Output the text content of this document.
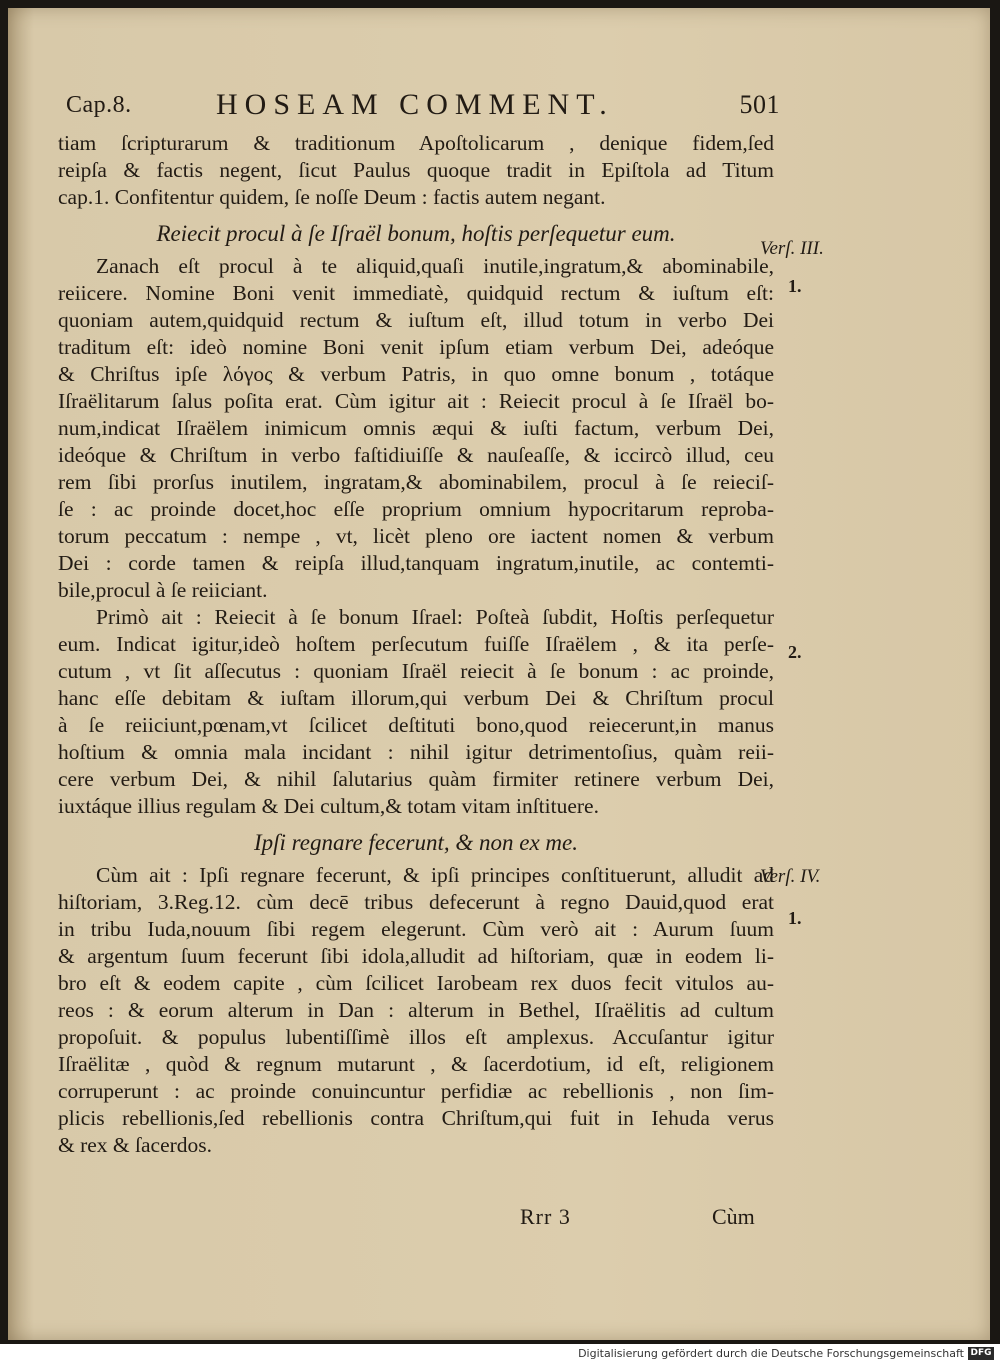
Cap.8.	HOSEAM COMMENT.	501
tiam ſcripturarum & traditionum Apoſtolicarum , denique fidem,ſed
reipſa & factis negent, ſicut Paulus quoque tradit in Epiſtola ad Titum
cap.1. Confitentur quidem, ſe noſſe Deum : factis autem negant.
Reiecit procul à ſe Iſraël bonum, hoſtis perſequetur eum.
Zanach eſt procul à te aliquid,quaſi inutile,ingratum,& abominabile,
reiicere. Nomine Boni venit immediatè, quidquid rectum & iuſtum eſt:
quoniam autem,quidquid rectum & iuſtum eſt, illud totum in verbo Dei
traditum eſt: ideò nomine Boni venit ipſum etiam verbum Dei, adeóque
& Chriſtus ipſe λόγος & verbum Patris, in quo omne bonum , totáque
Iſraëlitarum ſalus poſita erat. Cùm igitur ait : Reiecit procul à ſe Iſraël bo-
num,indicat Iſraëlem inimicum omnis æqui & iuſti factum, verbum Dei,
ideóque & Chriſtum in verbo faſtidiuiſſe & nauſeaſſe, & iccircò illud, ceu
rem ſibi prorſus inutilem, ingratam,& abominabilem, procul à ſe reieciſ-
ſe : ac proinde docet,hoc eſſe proprium omnium hypocritarum reproba-
torum peccatum : nempe , vt, licèt pleno ore iactent nomen & verbum
Dei : corde tamen & reipſa illud,tanquam ingratum,inutile, ac contemti-
bile,procul à ſe reiiciant.
Primò ait : Reiecit à ſe bonum Iſrael: Poſteà ſubdit, Hoſtis perſequetur
eum. Indicat igitur,ideò hoſtem perſecutum fuiſſe Iſraëlem , & ita perſe-
cutum , vt ſit aſſecutus : quoniam Iſraël reiecit à ſe bonum : ac proinde,
hanc eſſe debitam & iuſtam illorum,qui verbum Dei & Chriſtum procul
à ſe reiiciunt,pœnam,vt ſcilicet deſtituti bono,quod reiecerunt,in manus
hoſtium & omnia mala incidant : nihil igitur detrimentoſius, quàm reii-
cere verbum Dei, & nihil ſalutarius quàm firmiter retinere verbum Dei,
iuxtáque illius regulam & Dei cultum,& totam vitam inſtituere.
Ipſi regnare fecerunt, & non ex me.
Cùm ait : Ipſi regnare fecerunt, & ipſi principes conſtituerunt, alludit ad
hiſtoriam, 3.Reg.12. cùm decē tribus defecerunt à regno Dauid,quod erat
in tribu Iuda,nouum ſibi regem elegerunt. Cùm verò ait : Aurum ſuum
& argentum ſuum fecerunt ſibi idola,alludit ad hiſtoriam, quæ in eodem li-
bro eſt & eodem capite , cùm ſcilicet Iarobeam rex duos fecit vitulos au-
reos : & eorum alterum in Dan : alterum in Bethel, Iſraëlitis ad cultum
propoſuit. & populus lubentiſſimè illos eſt amplexus. Accuſantur igitur
Iſraëlitæ , quòd & regnum mutarunt , & ſacerdotium, id eſt, religionem
corruperunt : ac proinde conuincuntur perfidiæ ac rebellionis , non ſim-
plicis rebellionis,ſed rebellionis contra Chriſtum,qui fuit in Iehuda verus
& rex & ſacerdos.
Verſ. III.
1.
2.
Verſ. IV.
1.
Rrr 3	Cùm
Digitalisierung gefördert durch die Deutsche Forschungsgemeinschaft DFG
